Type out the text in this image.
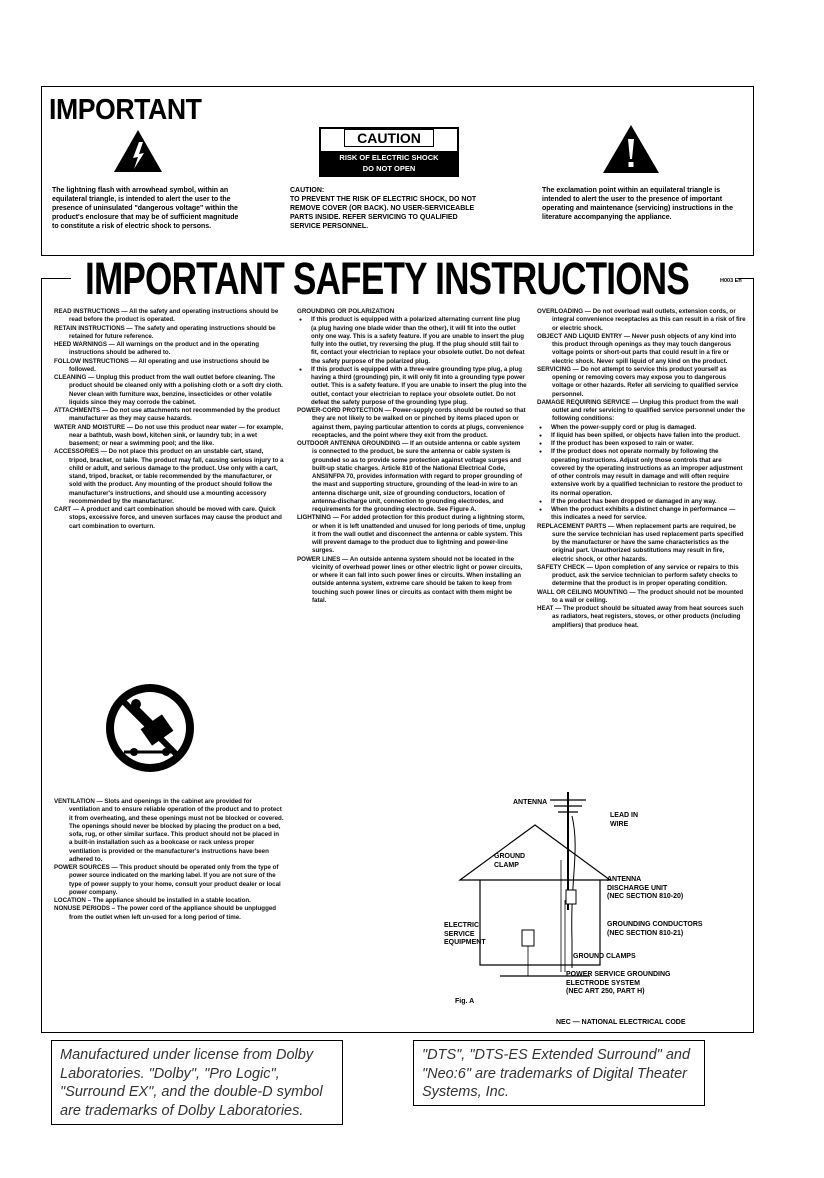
IMPORTANT
CAUTION
RISK OF ELECTRIC SHOCK
DO NOT OPEN
The lightning flash with arrowhead symbol, within an
equilateral triangle, is intended to alert the user to the
presence of uninsulated "dangerous voltage" within the
product's enclosure that may be of sufficient magnitude
to constitute a risk of electric shock to persons.
CAUTION:
TO PREVENT THE RISK OF ELECTRIC SHOCK, DO NOT
REMOVE COVER (OR BACK). NO USER-SERVICEABLE
PARTS INSIDE. REFER SERVICING TO QUALIFIED
SERVICE PERSONNEL.
The exclamation point within an equilateral triangle is
intended to alert the user to the presence of important
operating and maintenance (servicing) instructions in the
literature accompanying the appliance.
IMPORTANT SAFETY INSTRUCTIONS	H003 En
READ INSTRUCTIONS — All the safety and operating instructions should be read before the product is operated.
RETAIN INSTRUCTIONS — The safety and operating instructions should be retained for future reference.
HEED WARNINGS — All warnings on the product and in the operating instructions should be adhered to.
FOLLOW INSTRUCTIONS — All operating and use instructions should be followed.
CLEANING — Unplug this product from the wall outlet before cleaning. The product should be cleaned only with a polishing cloth or a soft dry cloth. Never clean with furniture wax, benzine, insecticides or other volatile liquids since they may corrode the cabinet.
ATTACHMENTS — Do not use attachments not recommended by the product manufacturer as they may cause hazards.
WATER AND MOISTURE — Do not use this product near water — for example, near a bathtub, wash bowl, kitchen sink, or laundry tub; in a wet basement; or near a swimming pool; and the like.
ACCESSORIES — Do not place this product on an unstable cart, stand, tripod, bracket, or table. The product may fall, causing serious injury to a child or adult, and serious damage to the product. Use only with a cart, stand, tripod, bracket, or table recommended by the manufacturer, or sold with the product. Any mounting of the product should follow the manufacturer's instructions, and should use a mounting accessory recommended by the manufacturer.
CART — A product and cart combination should be moved with care. Quick stops, excessive force, and uneven surfaces may cause the product and cart combination to overturn.
VENTILATION — Slots and openings in the cabinet are provided for ventilation and to ensure reliable operation of the product and to protect it from overheating, and these openings must not be blocked or covered. The openings should never be blocked by placing the product on a bed, sofa, rug, or other similar surface. This product should not be placed in a built-in installation such as a bookcase or rack unless proper ventilation is provided or the manufacturer's instructions have been adhered to.
POWER SOURCES — This product should be operated only from the type of power source indicated on the marking label. If you are not sure of the type of power supply to your home, consult your product dealer or local power company.
LOCATION – The appliance should be installed in a stable location.
NONUSE PERIODS – The power cord of the appliance should be unplugged from the outlet when left un-used for a long period of time.
GROUNDING OR POLARIZATION
● If this product is equipped with a polarized alternating current line plug (a plug having one blade wider than the other), it will fit into the outlet only one way. This is a safety feature. If you are unable to insert the plug fully into the outlet, try reversing the plug. If the plug should still fail to fit, contact your electrician to replace your obsolete outlet. Do not defeat the safety purpose of the polarized plug.
● If this product is equipped with a three-wire grounding type plug, a plug having a third (grounding) pin, it will only fit into a grounding type power outlet. This is a safety feature. If you are unable to insert the plug into the outlet, contact your electrician to replace your obsolete outlet. Do not defeat the safety purpose of the grounding type plug.
POWER-CORD PROTECTION — Power-supply cords should be routed so that they are not likely to be walked on or pinched by items placed upon or against them, paying particular attention to cords at plugs, convenience receptacles, and the point where they exit from the product.
OUTDOOR ANTENNA GROUNDING — If an outside antenna or cable system is connected to the product, be sure the antenna or cable system is grounded so as to provide some protection against voltage surges and built-up static charges. Article 810 of the National Electrical Code, ANSI/NFPA 70, provides information with regard to proper grounding of the mast and supporting structure, grounding of the lead-in wire to an antenna discharge unit, size of grounding conductors, location of antenna-discharge unit, connection to grounding electrodes, and requirements for the grounding electrode. See Figure A.
LIGHTNING — For added protection for this product during a lightning storm, or when it is left unattended and unused for long periods of time, unplug it from the wall outlet and disconnect the antenna or cable system. This will prevent damage to the product due to lightning and power-line surges.
POWER LINES — An outside antenna system should not be located in the vicinity of overhead power lines or other electric light or power circuits, or where it can fall into such power lines or circuits. When installing an outside antenna system, extreme care should be taken to keep from touching such power lines or circuits as contact with them might be fatal.
OVERLOADING — Do not overload wall outlets, extension cords, or integral convenience receptacles as this can result in a risk of fire or electric shock.
OBJECT AND LIQUID ENTRY — Never push objects of any kind into this product through openings as they may touch dangerous voltage points or short-out parts that could result in a fire or electric shock. Never spill liquid of any kind on the product.
SERVICING — Do not attempt to service this product yourself as opening or removing covers may expose you to dangerous voltage or other hazards. Refer all servicing to qualified service personnel.
DAMAGE REQUIRING SERVICE — Unplug this product from the wall outlet and refer servicing to qualified service personnel under the following conditions:
● When the power-supply cord or plug is damaged.
● If liquid has been spilled, or objects have fallen into the product.
● If the product has been exposed to rain or water.
● If the product does not operate normally by following the operating instructions. Adjust only those controls that are covered by the operating instructions as an improper adjustment of other controls may result in damage and will often require extensive work by a qualified technician to restore the product to its normal operation.
● If the product has been dropped or damaged in any way.
● When the product exhibits a distinct change in performance — this indicates a need for service.
REPLACEMENT PARTS — When replacement parts are required, be sure the service technician has used replacement parts specified by the manufacturer or have the same characteristics as the original part. Unauthorized substitutions may result in fire, electric shock, or other hazards.
SAFETY CHECK — Upon completion of any service or repairs to this product, ask the service technician to perform safety checks to determine that the product is in proper operating condition.
WALL OR CEILING MOUNTING — The product should not be mounted to a wall or ceiling.
HEAT — The product should be situated away from heat sources such as radiators, heat registers, stoves, or other products (including amplifiers) that produce heat.
ANTENNA
LEAD IN
WIRE
GROUND
CLAMP
ANTENNA
DISCHARGE UNIT
(NEC SECTION 810-20)
ELECTRIC
SERVICE
EQUIPMENT
GROUNDING CONDUCTORS
(NEC SECTION 810-21)
GROUND CLAMPS
POWER SERVICE GROUNDING
ELECTRODE SYSTEM
(NEC ART 250, PART H)
Fig. A
NEC — NATIONAL ELECTRICAL CODE
Manufactured under license from Dolby
Laboratories. "Dolby", "Pro Logic",
"Surround EX", and the double-D symbol
are trademarks of Dolby Laboratories.
"DTS", "DTS-ES Extended Surround" and
"Neo:6" are trademarks of Digital Theater
Systems, Inc.
